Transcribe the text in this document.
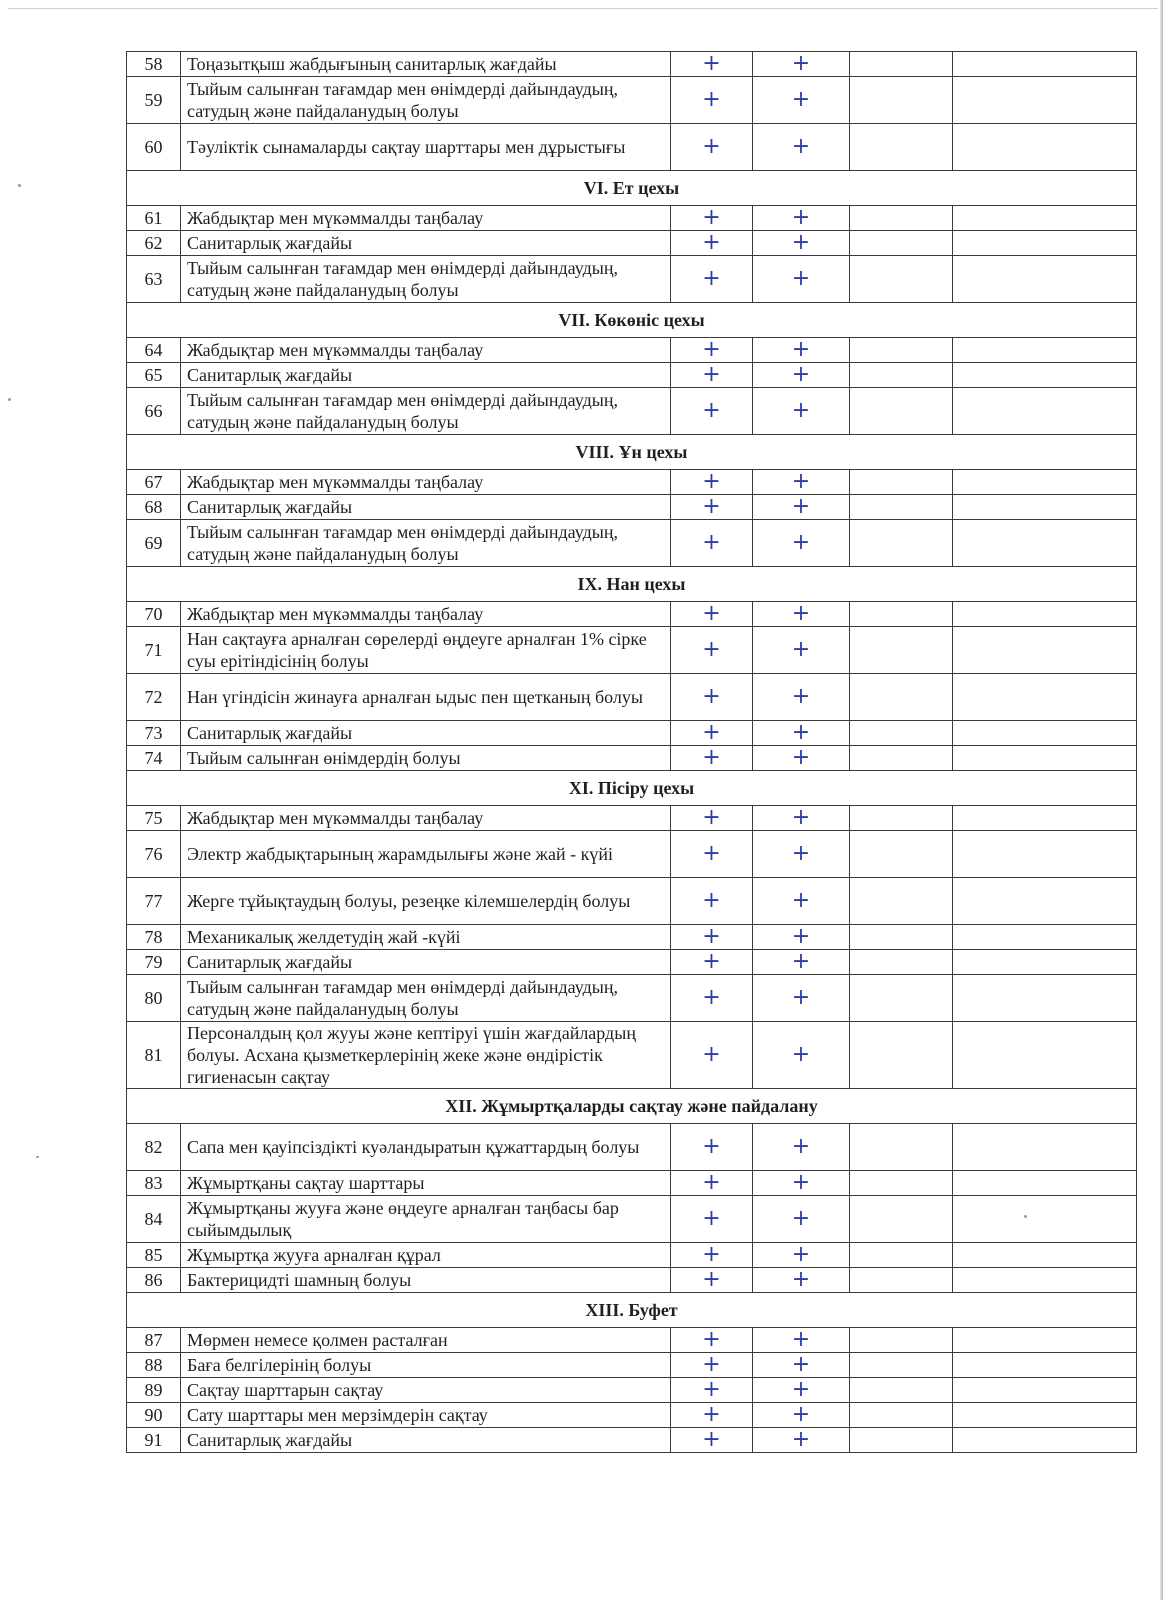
58	Тоңазытқыш жабдығының санитарлық жағдайы	+	+		
59	Тыйым салынған тағамдар мен өнімдерді дайындаудың, сатудың және пайдаланудың болуы	+	+		
60	Тәуліктік сынамаларды сақтау шарттары мен дұрыстығы	+	+		
VI. Ет цехы					
61	Жабдықтар мен мүкәммалды таңбалау	+	+		
62	Санитарлық жағдайы	+	+		
63	Тыйым салынған тағамдар мен өнімдерді дайындаудың, сатудың және пайдаланудың болуы	+	+		
VII. Көкөніс цехы					
64	Жабдықтар мен мүкәммалды таңбалау	+	+		
65	Санитарлық жағдайы	+	+		
66	Тыйым салынған тағамдар мен өнімдерді дайындаудың, сатудың және пайдаланудың болуы	+	+		
VIII. Ұн цехы					
67	Жабдықтар мен мүкәммалды таңбалау	+	+		
68	Санитарлық жағдайы	+	+		
69	Тыйым салынған тағамдар мен өнімдерді дайындаудың, сатудың және пайдаланудың болуы	+	+		
IX. Нан цехы					
70	Жабдықтар мен мүкәммалды таңбалау	+	+		
71	Нан сақтауға арналған сөрелерді өңдеуге арналған 1% сірке суы ерітіндісінің болуы	+	+		
72	Нан үгіндісін жинауға арналған ыдыс пен щетканың болуы	+	+		
73	Санитарлық жағдайы	+	+		
74	Тыйым салынған өнімдердің болуы	+	+		
XI. Пісіру цехы					
75	Жабдықтар мен мүкәммалды таңбалау	+	+		
76	Электр жабдықтарының жарамдылығы және жай - күйі	+	+		
77	Жерге тұйықтаудың болуы, резеңке кілемшелердің болуы	+	+		
78	Механикалық желдетудің жай -күйі	+	+		
79	Санитарлық жағдайы	+	+		
80	Тыйым салынған тағамдар мен өнімдерді дайындаудың, сатудың және пайдаланудың болуы	+	+		
81	Персоналдың қол жууы және кептіруі үшін жағдайлардың болуы. Асхана қызметкерлерінің жеке және өндірістік гигиенасын сақтау	+	+		
XII. Жұмыртқаларды сақтау және пайдалану					
82	Сапа мен қауіпсіздікті куәландыратын құжаттардың болуы	+	+		
83	Жұмыртқаны сақтау шарттары	+	+		
84	Жұмыртқаны жууға және өңдеуге арналған таңбасы бар сыйымдылық	+	+		
85	Жұмыртқа жууға арналған құрал	+	+		
86	Бактерицидті шамның болуы	+	+		
XIII. Буфет					
87	Мөрмен немесе қолмен расталған	+	+		
88	Баға белгілерінің болуы	+	+		
89	Сақтау шарттарын сақтау	+	+		
90	Сату шарттары мен мерзімдерін сақтау	+	+		
91	Санитарлық жағдайы	+	+		
